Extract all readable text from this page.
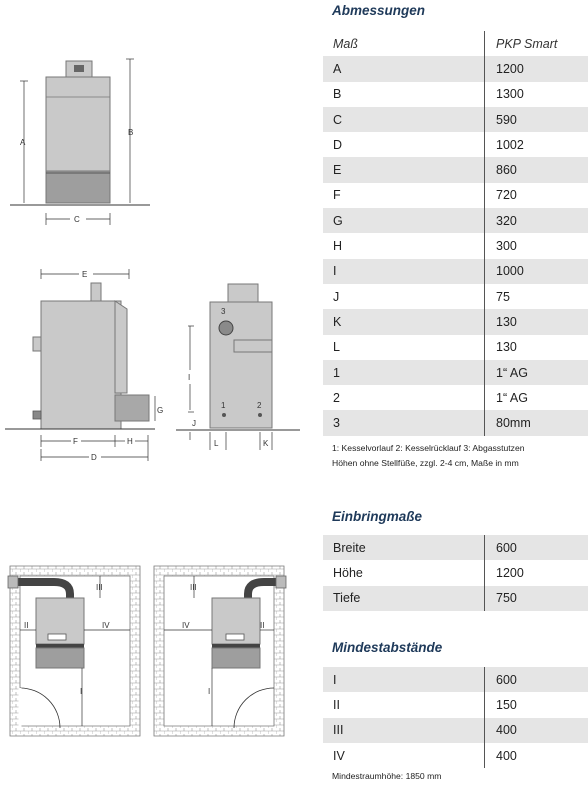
A
B
C
E
G
F	H
D
3
1	2
I
J
L	K
III
II	IV
I
III
IV	II
I
Abmessungen
Maß	PKP Smart
A	1200
B	1300
C	590
D	1002
E	860
F	720
G	320
H	300
I	1000
J	75
K	130
L	130
1	1“ AG
2	1“ AG
3	80mm
1: Kesselvorlauf 2: Kesselrücklauf 3: Abgasstutzen
Höhen ohne Stellfüße, zzgl. 2-4 cm, Maße in mm
Einbringmaße
Breite	600
Höhe	1200
Tiefe	750
Mindestabstände
I	600
II	150
III	400
IV	400
Mindestraumhöhe: 1850 mm
